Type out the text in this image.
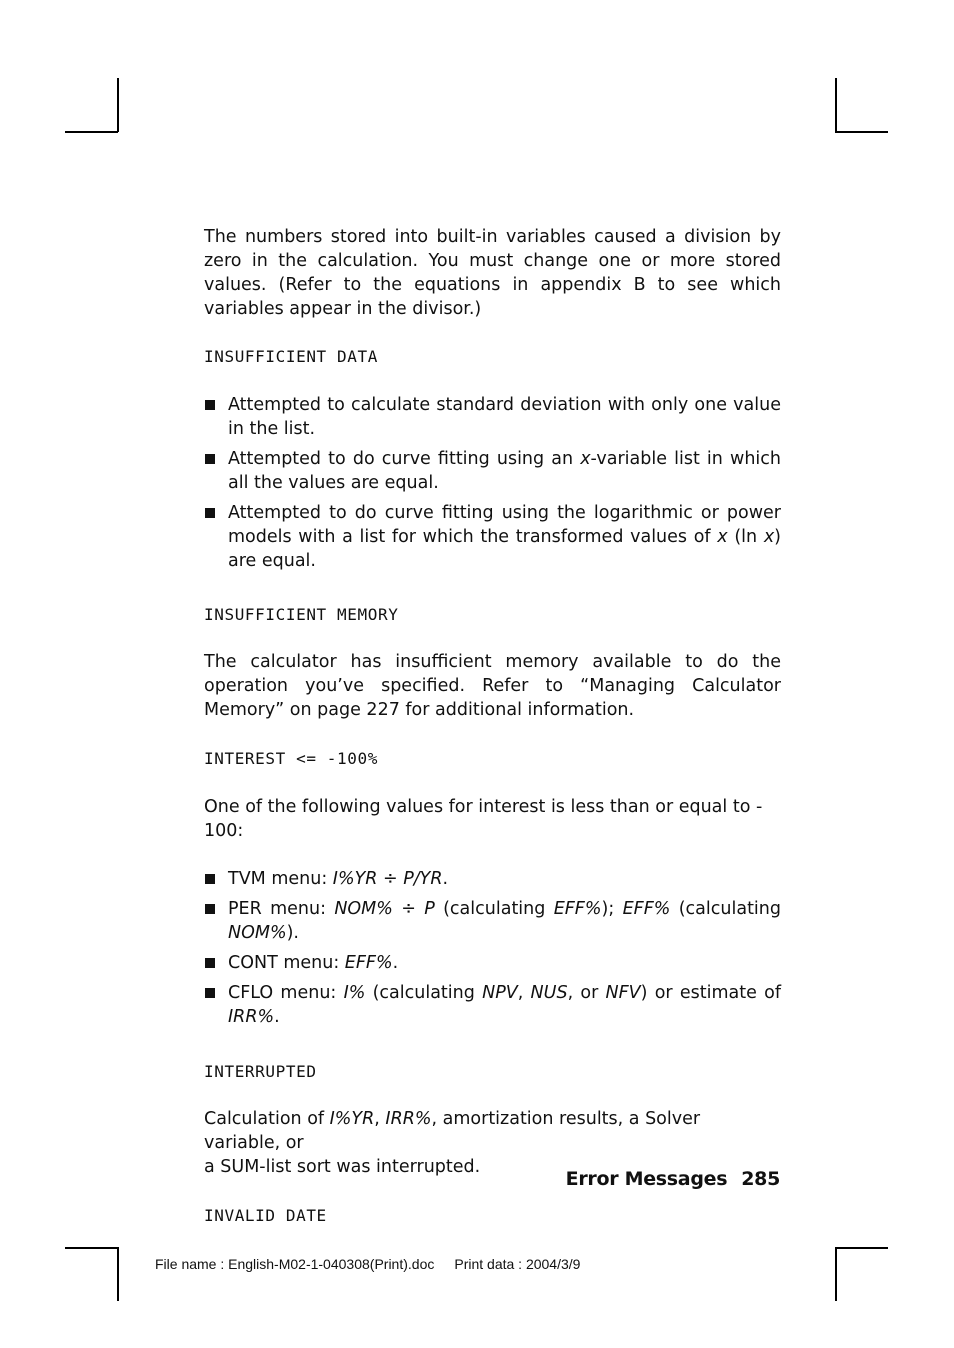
The numbers stored into built-in variables caused a division by zero in the calculation. You must change one or more stored values. (Refer to the equations in appendix B to see which variables appear in the divisor.)

INSUFFICIENT DATA

Attempted to calculate standard deviation with only one value in the list.
Attempted to do curve fitting using an x-variable list in which all the values are equal.
Attempted to do curve fitting using the logarithmic or power models with a list for which the transformed values of x (ln x) are equal.

INSUFFICIENT MEMORY

The calculator has insufficient memory available to do the operation you’ve specified. Refer to “Managing Calculator Memory” on page 227 for additional information.

INTEREST <= -100%

One of the following values for interest is less than or equal to - 100:

TVM menu: I%YR ÷ P/YR.
PER menu: NOM% ÷ P (calculating EFF%); EFF% (calculating NOM%).
CONT menu: EFF%.
CFLO menu: I% (calculating NPV, NUS, or NFV) or estimate of IRR%.

INTERRUPTED

Calculation of I%YR, IRR%, amortization results, a Solver variable, or
a SUM-list sort was interrupted.

INVALID DATE

Error Messages 285
File name : English-M02-1-040308(Print).doc Print data : 2004/3/9
